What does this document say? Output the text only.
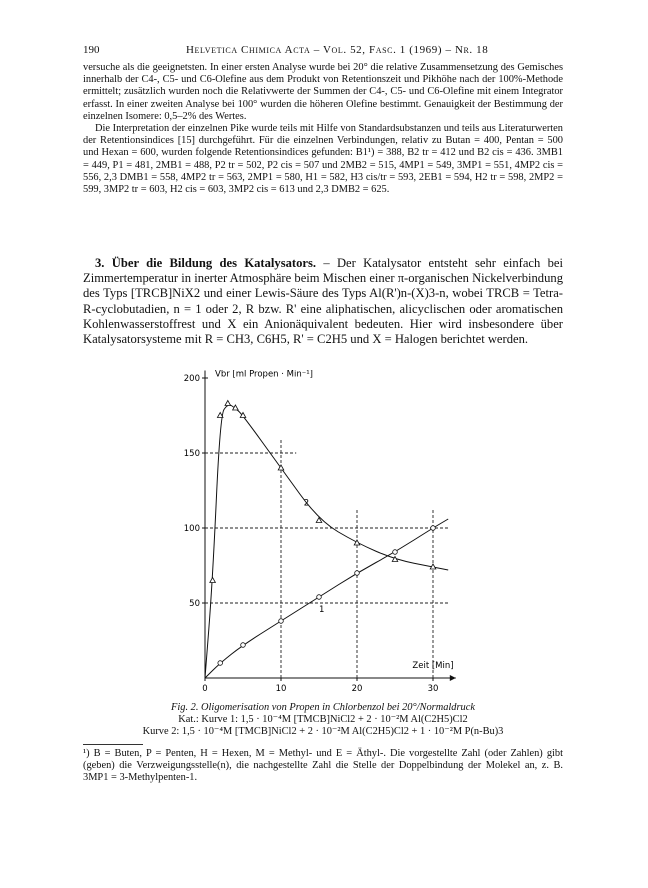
190	Helvetica Chimica Acta – Vol. 52, Fasc. 1 (1969) – Nr. 18

versuche als die geeignetsten. In einer ersten Analyse wurde bei 20° die relative Zusammensetzung des Gemisches innerhalb der C4-, C5- und C6-Olefine aus dem Produkt von Retentionszeit und Pikhöhe nach der 100%-Methode ermittelt; zusätzlich wurden noch die Relativwerte der Summen der C4-, C5- und C6-Olefine mit einem Integrator erfasst. In einer zweiten Analyse bei 100° wurden die höheren Olefine bestimmt. Genauigkeit der Bestimmung der einzelnen Isomere: 0,5–2% des Wertes.

Die Interpretation der einzelnen Pike wurde teils mit Hilfe von Standardsubstanzen und teils aus Literaturwerten der Retentionsindices [15] durchgeführt. Für die einzelnen Verbindungen, relativ zu Butan = 400, Pentan = 500 und Hexan = 600, wurden folgende Retentionsindices gefunden: B1¹) = 388, B2 tr = 412 und B2 cis = 436. 3MB1 = 449, P1 = 481, 2MB1 = 488, P2 tr = 502, P2 cis = 507 und 2MB2 = 515, 4MP1 = 549, 3MP1 = 551, 4MP2 cis = 556, 2,3 DMB1 = 558, 4MP2 tr = 563, 2MP1 = 580, H1 = 582, H3 cis/tr = 593, 2EB1 = 594, H2 tr = 598, 2MP2 = 599, 3MP2 tr = 603, H2 cis = 603, 3MP2 cis = 613 und 2,3 DMB2 = 625.

3. Über die Bildung des Katalysators. – Der Katalysator entsteht sehr einfach bei Zimmertemperatur in inerter Atmosphäre beim Mischen einer π-organischen Nickelverbindung des Typs [TRCB]NiX2 und einer Lewis-Säure des Typs Al(R')n-(X)3-n, wobei TRCB = Tetra-R-cyclobutadien, n = 1 oder 2, R bzw. R' eine aliphatischen, alicyclischen oder aromatischen Kohlenwasserstoffrest und X ein Anionäquivalent bedeuten. Hier wird insbesondere über Katalysatorsysteme mit R = CH3, C6H5, R' = C2H5 und X = Halogen berichtet werden.
0	10	20	30
50
100
150
200 Vbr [ml Propen · Min⁻¹]
Zeit [Min]
1
2
Fig. 2. Oligomerisation von Propen in Chlorbenzol bei 20°/Normaldruck
Kat.: Kurve 1: 1,5 · 10⁻⁴M [TMCB]NiCl2 + 2 · 10⁻²M Al(C2H5)Cl2
Kurve 2: 1,5 · 10⁻⁴M [TMCB]NiCl2 + 2 · 10⁻²M Al(C2H5)Cl2 + 1 · 10⁻²M P(n-Bu)3
¹) B = Buten, P = Penten, H = Hexen, M = Methyl- und E = Äthyl-. Die vorgestellte Zahl (oder Zahlen) gibt (geben) die Verzweigungsstelle(n), die nachgestellte Zahl die Stelle der Doppelbindung der Molekel an, z. B. 3MP1 = 3-Methylpenten-1.
